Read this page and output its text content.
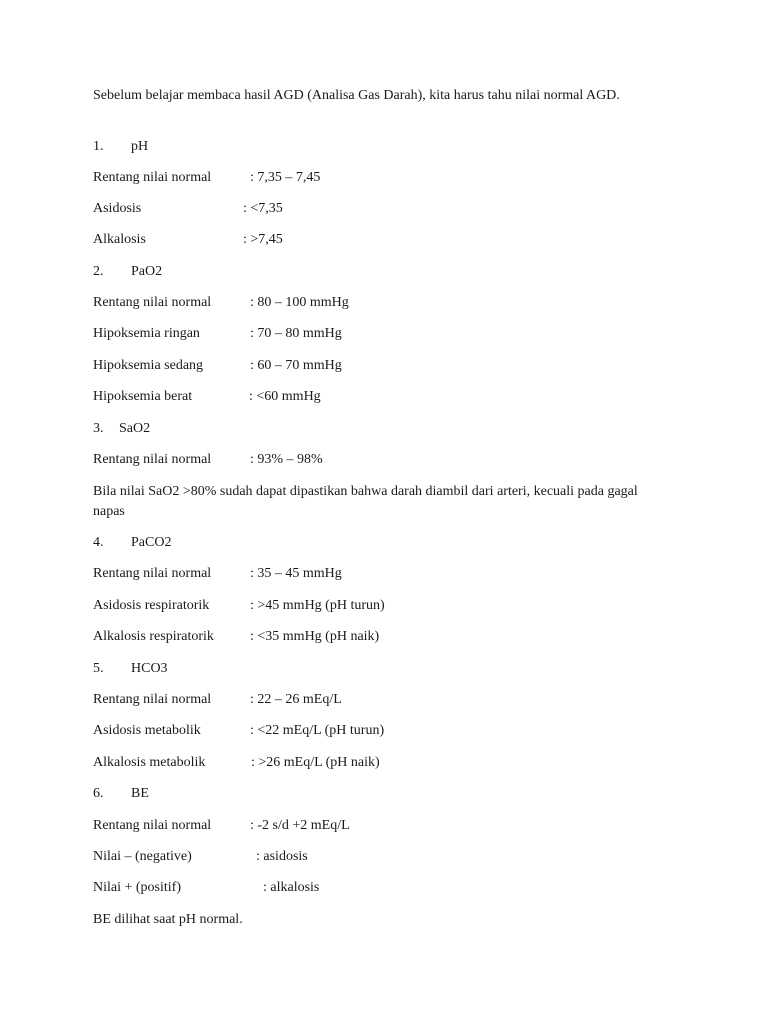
Sebelum belajar membaca hasil AGD (Analisa Gas Darah), kita harus tahu nilai normal AGD.
1. pH
Rentang nilai normal	: 7,35 – 7,45
Asidosis	: <7,35
Alkalosis	: >7,45
2. PaO2
Rentang nilai normal	: 80 – 100 mmHg
Hipoksemia ringan	: 70 – 80 mmHg
Hipoksemia sedang	: 60 – 70 mmHg
Hipoksemia berat	: <60 mmHg
3. SaO2
Rentang nilai normal	: 93% – 98%
Bila nilai SaO2 >80% sudah dapat dipastikan bahwa darah diambil dari arteri, kecuali pada gagal napas
4. PaCO2
Rentang nilai normal	: 35 – 45 mmHg
Asidosis respiratorik	: >45 mmHg (pH turun)
Alkalosis respiratorik	: <35 mmHg (pH naik)
5. HCO3
Rentang nilai normal	: 22 – 26 mEq/L
Asidosis metabolik	: <22 mEq/L (pH turun)
Alkalosis metabolik	: >26 mEq/L (pH naik)
6. BE
Rentang nilai normal	: -2 s/d +2 mEq/L
Nilai – (negative)	: asidosis
Nilai + (positif)	: alkalosis
BE dilihat saat pH normal.
